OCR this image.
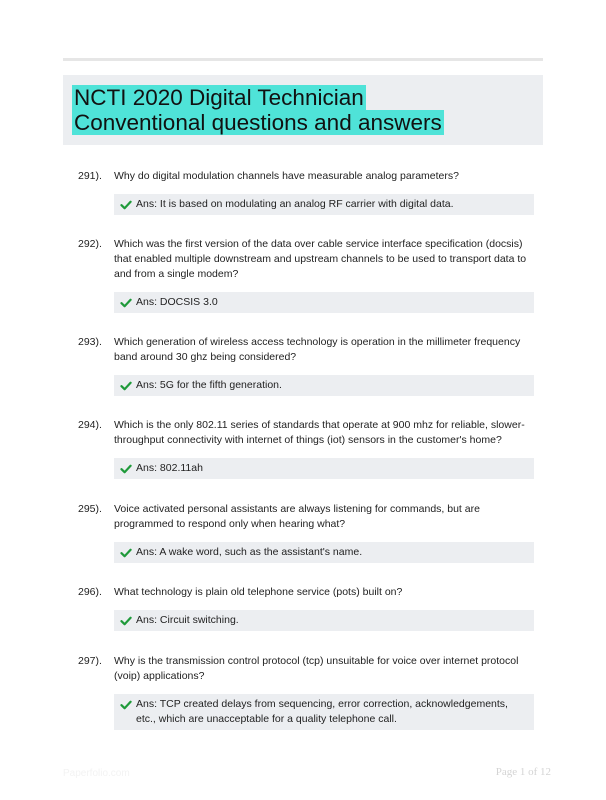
NCTI 2020 Digital Technician Conventional questions and answers
291). Why do digital modulation channels have measurable analog parameters?
Ans: It is based on modulating an analog RF carrier with digital data.
292). Which was the first version of the data over cable service interface specification (docsis) that enabled multiple downstream and upstream channels to be used to transport data to and from a single modem?
Ans: DOCSIS 3.0
293). Which generation of wireless access technology is operation in the millimeter frequency band around 30 ghz being considered?
Ans: 5G for the fifth generation.
294). Which is the only 802.11 series of standards that operate at 900 mhz for reliable, slower-throughput connectivity with internet of things (iot) sensors in the customer's home?
Ans: 802.11ah
295). Voice activated personal assistants are always listening for commands, but are programmed to respond only when hearing what?
Ans: A wake word, such as the assistant's name.
296). What technology is plain old telephone service (pots) built on?
Ans: Circuit switching.
297). Why is the transmission control protocol (tcp) unsuitable for voice over internet protocol (voip) applications?
Ans: TCP created delays from sequencing, error correction, acknowledgements, etc., which are unacceptable for a quality telephone call.
Paperfolio.com	Page 1 of 12
